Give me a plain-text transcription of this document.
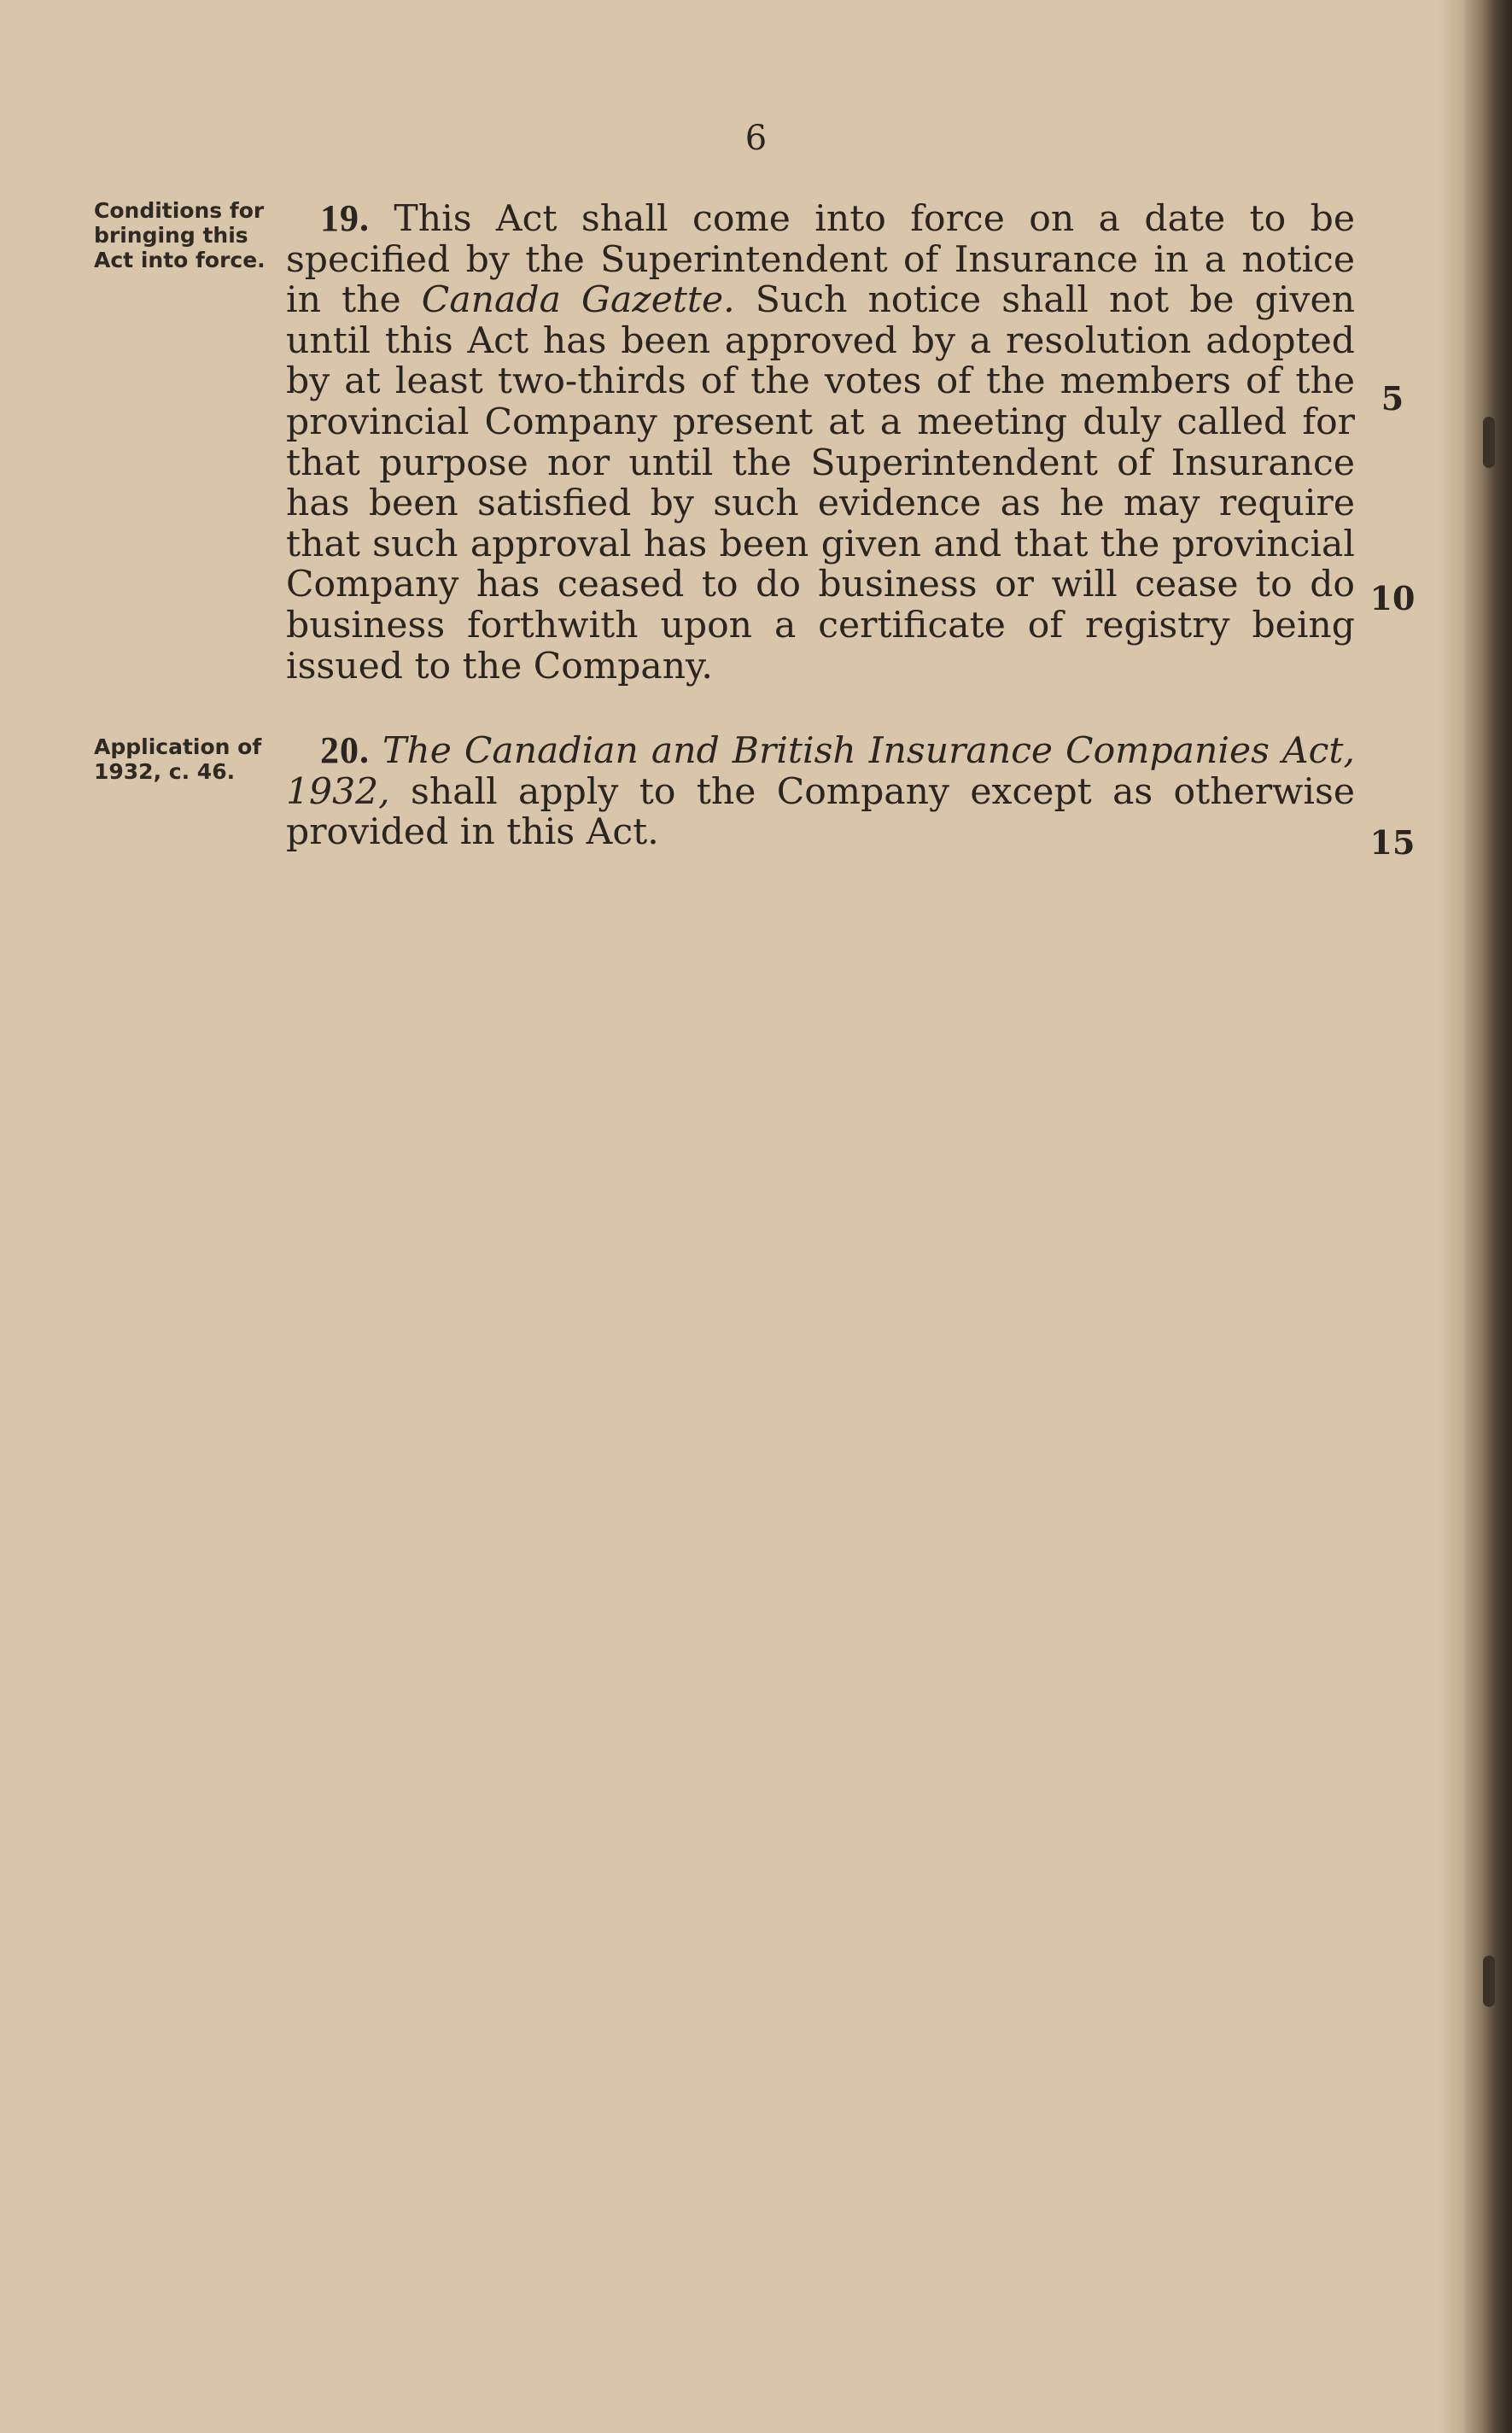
6
Conditions for bringing this Act into force.
19. This Act shall come into force on a date to be specified by the Superintendent of Insurance in a notice in the Canada Gazette. Such notice shall not be given until this Act has been approved by a resolution adopted by at least two-thirds of the votes of the members of the provincial Company present at a meeting duly called for that purpose nor until the Superintendent of Insurance has been satisfied by such evidence as he may require that such approval has been given and that the provincial Company has ceased to do business or will cease to do business forthwith upon a certificate of registry being issued to the Company.
Application of 1932, c. 46.
20. The Canadian and British Insurance Companies Act, 1932, shall apply to the Company except as otherwise provided in this Act.
5
10
15
